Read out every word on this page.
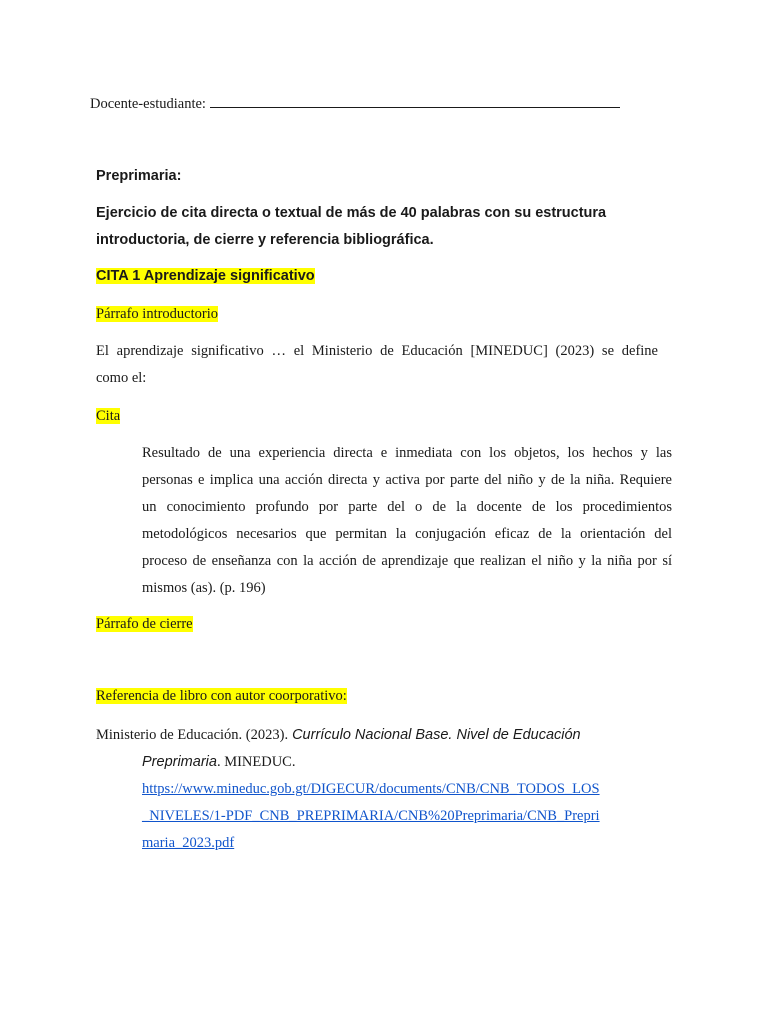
Docente-estudiante:
Preprimaria:
Ejercicio de cita directa o textual de más de 40 palabras con su estructura
introductoria, de cierre y referencia bibliográfica.
CITA 1 Aprendizaje significativo
Párrafo introductorio
El aprendizaje significativo … el Ministerio de Educación [MINEDUC] (2023) se define
como el:
Cita
Resultado de una experiencia directa e inmediata con los objetos, los hechos y las
personas e implica una acción directa y activa por parte del niño y de la niña. Requiere
un conocimiento profundo por parte del o de la docente de los procedimientos
metodológicos necesarios que permitan la conjugación eficaz de la orientación del
proceso de enseñanza con la acción de aprendizaje que realizan el niño y la niña por sí
mismos (as). (p. 196)
Párrafo de cierre
Referencia de libro con autor coorporativo:
Ministerio de Educación. (2023). Currículo Nacional Base. Nivel de Educación
Preprimaria. MINEDUC.
https://www.mineduc.gob.gt/DIGECUR/documents/CNB/CNB_TODOS_LOS
_NIVELES/1-PDF_CNB_PREPRIMARIA/CNB%20Preprimaria/CNB_Prepri
maria_2023.pdf
